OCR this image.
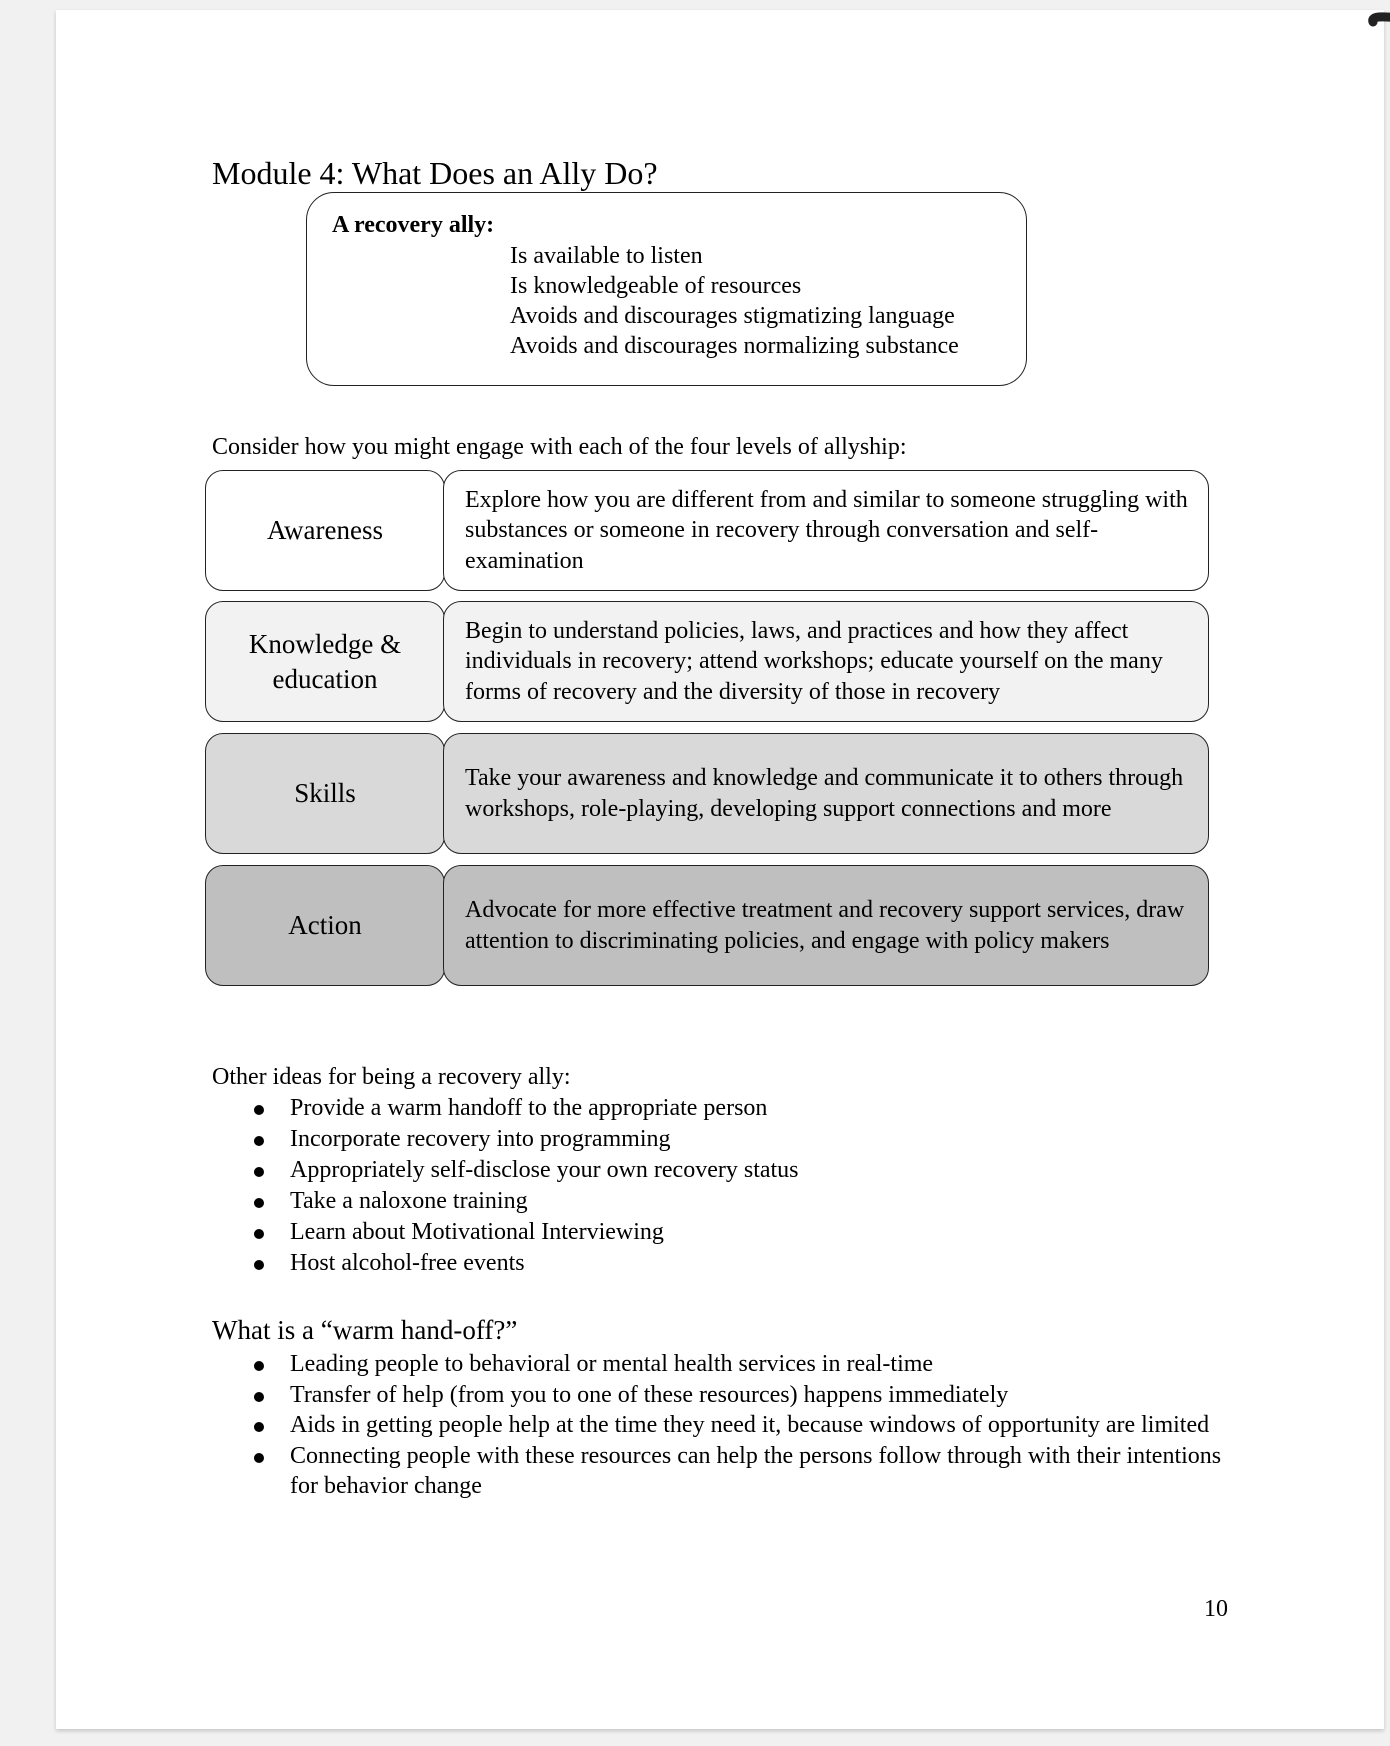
Module 4: What Does an Ally Do?
A recovery ally:
Is available to listen
Is knowledgeable of resources
Avoids and discourages stigmatizing language
Avoids and discourages normalizing substance
Consider how you might engage with each of the four levels of allyship:
Awareness
Explore how you are different from and similar to someone struggling with substances or someone in recovery through conversation and self-examination
Knowledge & education
Begin to understand policies, laws, and practices and how they affect individuals in recovery; attend workshops; educate yourself on the many forms of recovery and the diversity of those in recovery
Skills	Take your awareness and knowledge and communicate it to others through workshops, role-playing, developing support connections and more
Action	Advocate for more effective treatment and recovery support services, draw attention to discriminating policies, and engage with policy makers
Other ideas for being a recovery ally:
Provide a warm handoff to the appropriate person
Incorporate recovery into programming
Appropriately self-disclose your own recovery status
Take a naloxone training
Learn about Motivational Interviewing
Host alcohol-free events
What is a “warm hand-off?”
Leading people to behavioral or mental health services in real-time
Transfer of help (from you to one of these resources) happens immediately
Aids in getting people help at the time they need it, because windows of opportunity are limited
Connecting people with these resources can help the persons follow through with their intentions for behavior change
10
